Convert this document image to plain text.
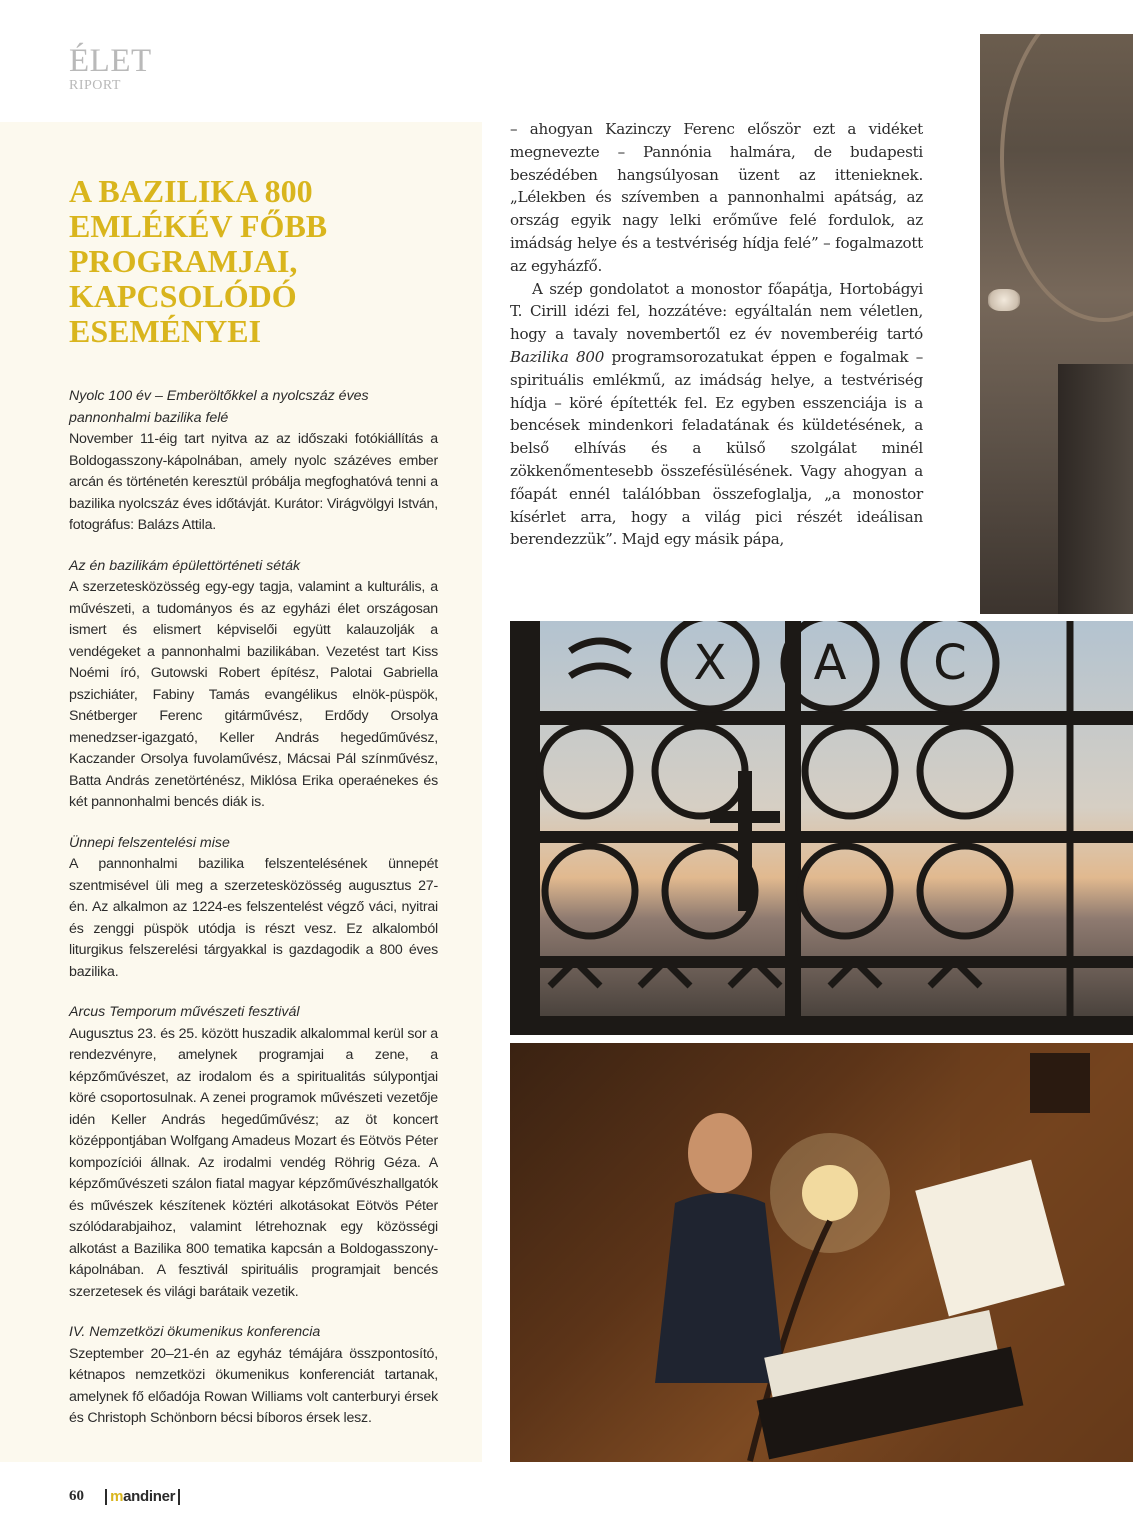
ÉLET
RIPORT
A BAZILIKA 800 EMLÉKÉV FŐBB PROGRAMJAI, KAPCSOLÓDÓ ESEMÉNYEI
Nyolc 100 év – Emberöltőkkel a nyolcszáz éves pannonhalmi bazilika felé
November 11-éig tart nyitva az az időszaki fotókiállítás a Boldogasszony-kápolnában, amely nyolc százéves ember arcán és történetén keresztül próbálja megfoghatóvá tenni a bazilika nyolcszáz éves időtávját. Kurátor: Virágvölgyi István, fotográfus: Balázs Attila.
Az én bazilikám épülettörténeti séták
A szerzetesközösség egy-egy tagja, valamint a kulturális, a művészeti, a tudományos és az egyházi élet országosan ismert és elismert képviselői együtt kalauzolják a vendégeket a pannonhalmi bazilikában. Vezetést tart Kiss Noémi író, Gutowski Robert építész, Palotai Gabriella pszichiáter, Fabiny Tamás evangélikus elnök-püspök, Snétberger Ferenc gitárművész, Erdődy Orsolya menedzser-igazgató, Keller András hegedűművész, Kaczander Orsolya fuvolaművész, Mácsai Pál színművész, Batta András zenetörténész, Miklósa Erika operaénekes és két pannonhalmi bencés diák is.
Ünnepi felszentelési mise
A pannonhalmi bazilika felszentelésének ünnepét szentmisével üli meg a szerzetesközösség augusztus 27-én. Az alkalmon az 1224-es felszentelést végző váci, nyitrai és zenggi püspök utódja is részt vesz. Ez alkalomból liturgikus felszerelési tárgyakkal is gazdagodik a 800 éves bazilika.
Arcus Temporum művészeti fesztivál
Augusztus 23. és 25. között huszadik alkalommal kerül sor a rendezvényre, amelynek programjai a zene, a képzőművészet, az irodalom és a spiritualitás súlypontjai köré csoportosulnak. A zenei programok művészeti vezetője idén Keller András hegedűművész; az öt koncert középpontjában Wolfgang Amadeus Mozart és Eötvös Péter kompozíciói állnak. Az irodalmi vendég Röhrig Géza. A képzőművészeti szálon fiatal magyar képzőművészhallgatók és művészek készítenek köztéri alkotásokat Eötvös Péter szólódarabjaihoz, valamint létrehoznak egy közösségi alkotást a Bazilika 800 tematika kapcsán a Boldogasszony-kápolnában. A fesztivál spirituális programjait bencés szerzetesek és világi barátaik vezetik.
IV. Nemzetközi ökumenikus konferencia
Szeptember 20–21-én az egyház témájára összpontosító, kétnapos nemzetközi ökumenikus konferenciát tartanak, amelynek fő előadója Rowan Williams volt canterburyi érsek és Christoph Schönborn bécsi bíboros érsek lesz.

– ahogyan Kazinczy Ferenc először ezt a vidéket megnevezte – Pannónia halmára, de budapesti beszédében hangsúlyosan üzent az ittenieknek. „Lélekben és szívemben a pannonhalmi apátság, az ország egyik nagy lelki erőműve felé fordulok, az imádság helye és a testvériség hídja felé” – fogalmazott az egyházfő.

A szép gondolatot a monostor főapátja, Hortobágyi T. Cirill idézi fel, hozzátéve: egyáltalán nem véletlen, hogy a tavaly novembertől ez év novemberéig tartó Bazilika 800 programsorozatukat éppen e fogalmak – spirituális emlékmű, az imádság helye, a testvériség hídja – köré építették fel. Ez egyben esszenciája is a bencések mindenkori feladatának és küldetésének, a belső elhívás és a külső szolgálat minél zökkenőmentesebb összefésülésének. Vagy ahogyan a főapát ennél találóbban összefoglalja, „a monostor kísérlet arra, hogy a világ pici részét ideálisan berendezzük”. Majd egy másik pápa,

X A C
60 mandiner
